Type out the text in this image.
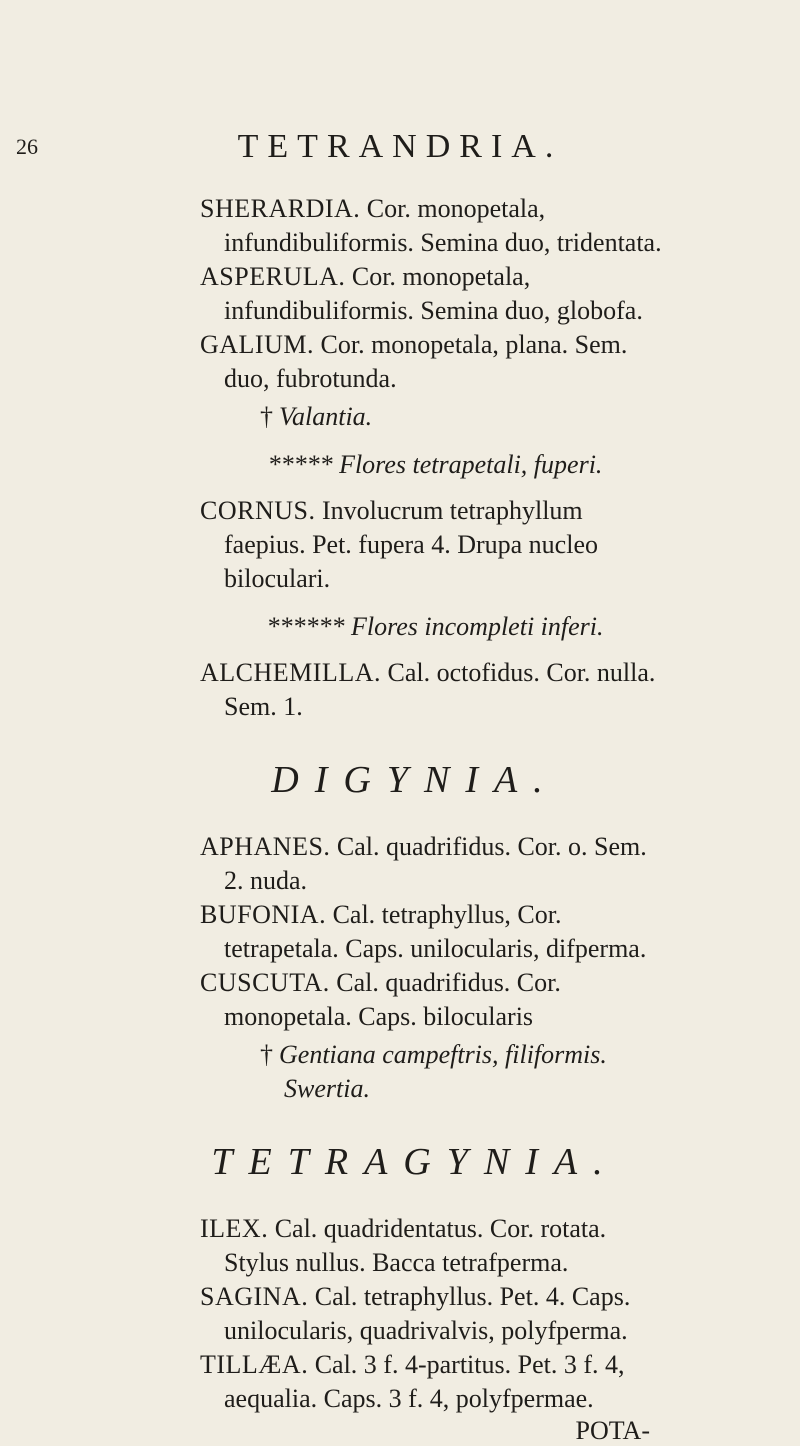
26	TETRANDRIA.

SHERARDIA. Cor. monopetala, infundibuliformis. Semina duo, tridentata.

ASPERULA. Cor. monopetala, infundibuliformis. Semina duo, globofa.

GALIUM. Cor. monopetala, plana. Sem. duo, fubrotunda.

† Valantia.

***** Flores tetrapetali, fuperi.

CORNUS. Involucrum tetraphyllum faepius. Pet. fupera 4. Drupa nucleo biloculari.

****** Flores incompleti inferi.

ALCHEMILLA. Cal. octofidus. Cor. nulla. Sem. 1.

DIGYNIA.

APHANES. Cal. quadrifidus. Cor. o. Sem. 2. nuda.

BUFONIA. Cal. tetraphyllus, Cor. tetrapetala. Caps. unilocularis, difperma.

CUSCUTA. Cal. quadrifidus. Cor. monopetala. Caps. bilocularis

† Gentiana campeftris, filiformis.
Swertia.

TETRAGYNIA.

ILEX. Cal. quadridentatus. Cor. rotata. Stylus nullus. Bacca tetrafperma.

SAGINA. Cal. tetraphyllus. Pet. 4. Caps. unilocularis, quadrivalvis, polyfperma.

TILLÆA. Cal. 3 f. 4-partitus. Pet. 3 f. 4, aequalia. Caps. 3 f. 4, polyfpermae.

POTA-
